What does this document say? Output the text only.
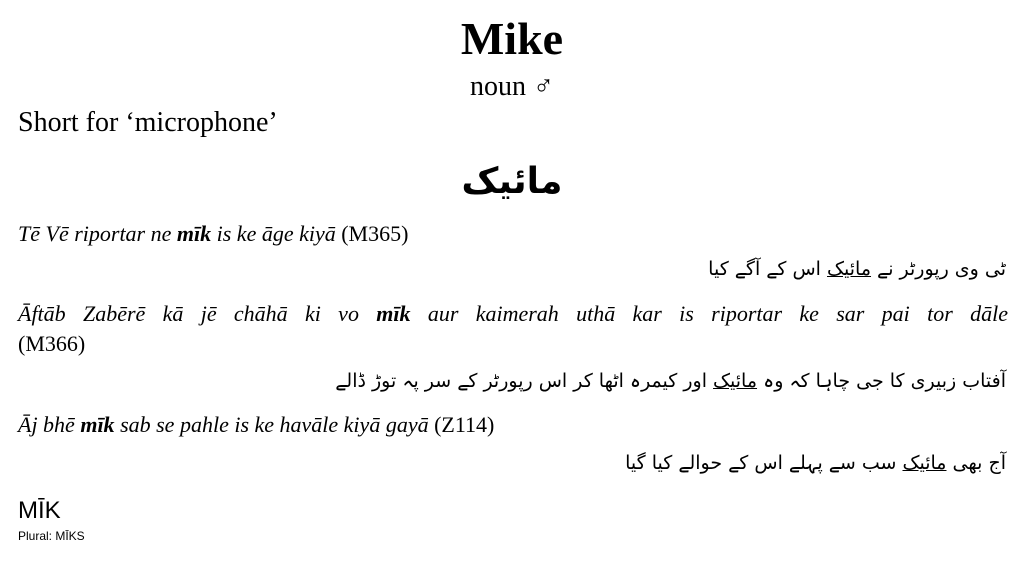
Mike
noun ♂
Short for ‘microphone’
مائیک
Tē Vē riportar ne mīk is ke āge kiyā (M365)
ٹی وی رپورٹر نے مائیک اس کے آگے کیا
Āftāb Zabērē kā jē chāhā ki vo mīk aur kaimerah uthā kar is riportar ke sar pai tor dāle
(M366)
آفتاب زبیری کا جی چاہا کہ وہ مائیک اور کیمرہ اٹھا کر اس رپورٹر کے سر پہ توڑ ڈالے
Āj bhē mīk sab se pahle is ke havāle kiyā gayā (Z114)
آج بھی مائیک سب سے پہلے اس کے حوالے کیا گیا
MĪK
Plural: MĪKS
